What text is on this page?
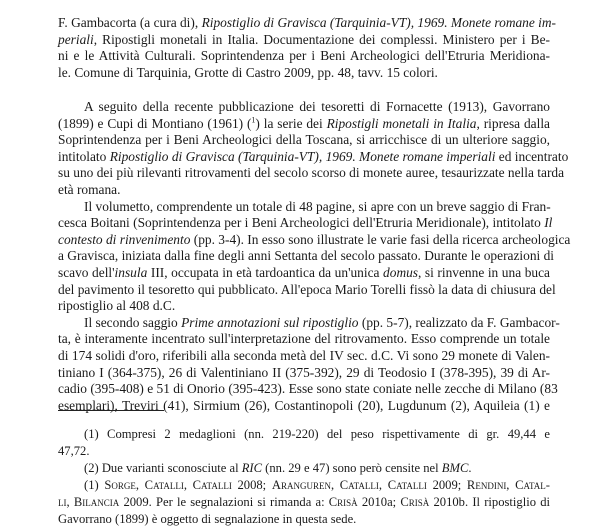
F. Gambacorta (a cura di), Ripostiglio di Gravisca (Tarquinia-VT), 1969. Monete romane im-
periali, Ripostigli monetali in Italia. Documentazione dei complessi. Ministero per i Be-
ni e le Attività Culturali. Soprintendenza per i Beni Archeologici dell'Etruria Meridiona-
le. Comune di Tarquinia, Grotte di Castro 2009, pp. 48, tavv. 15 colori.
A seguito della recente pubblicazione dei tesoretti di Fornacette (1913), Gavorrano
(1899) e Cupi di Montiano (1961) ($^1$) la serie dei Ripostigli monetali in Italia, ripresa dalla
Soprintendenza per i Beni Archeologici della Toscana, si arricchisce di un ulteriore saggio,
intitolato Ripostiglio di Gravisca (Tarquinia-VT), 1969. Monete romane imperiali ed incentrato
su uno dei più rilevanti ritrovamenti del secolo scorso di monete auree, tesaurizzate nella tarda
età romana.
Il volumetto, comprendente un totale di 48 pagine, si apre con un breve saggio di Fran-
cesca Boitani (Soprintendenza per i Beni Archeologici dell'Etruria Meridionale), intitolato Il
contesto di rinvenimento (pp. 3-4). In esso sono illustrate le varie fasi della ricerca archeologica
a Gravisca, iniziata dalla fine degli anni Settanta del secolo passato. Durante le operazioni di
scavo dell'insula III, occupata in età tardoantica da un'unica domus, si rinvenne in una buca
del pavimento il tesoretto qui pubblicato. All'epoca Mario Torelli fissò la data di chiusura del
ripostiglio al 408 d.C.
Il secondo saggio Prime annotazioni sul ripostiglio (pp. 5-7), realizzato da F. Gambacor-
ta, è interamente incentrato sull'interpretazione del ritrovamento. Esso comprende un totale
di 174 solidi d'oro, riferibili alla seconda metà del IV sec. d.C. Vi sono 29 monete di Valen-
tiniano I (364-375), 26 di Valentiniano II (375-392), 29 di Teodosio I (378-395), 39 di Ar-
cadio (395-408) e 51 di Onorio (395-423). Esse sono state coniate nelle zecche di Milano (83
esemplari), Treviri (41), Sirmium (26), Costantinopoli (20), Lugdunum (2), Aquileia (1) e
(1) Compresi 2 medaglioni (nn. 219-220) del peso rispettivamente di gr. 49,44 e
47,72.
(2) Due varianti sconosciute al RIC (nn. 29 e 47) sono però censite nel BMC.
(1) Sorge, Catalli, Catalli 2008; Aranguren, Catalli, Catalli 2009; Rendini, Catal-
li, Bilancia 2009. Per le segnalazioni si rimanda a: Crisà 2010a; Crisà 2010b. Il ripostiglio di
Gavorrano (1899) è oggetto di segnalazione in questa sede.
